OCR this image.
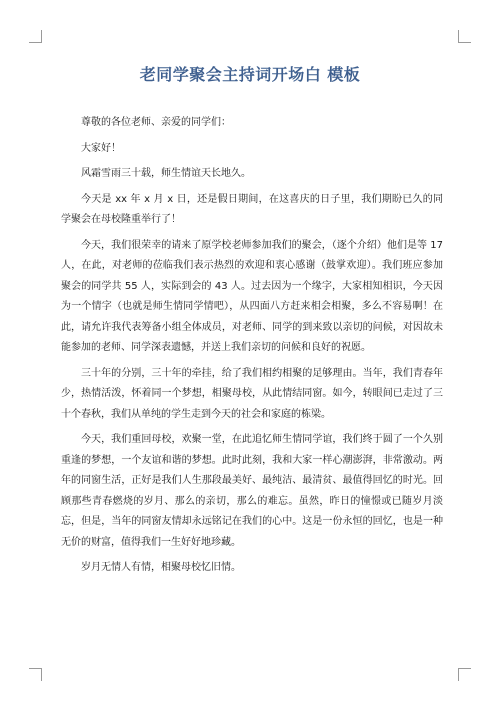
老同学聚会主持词开场白 模板

尊敬的各位老师、亲爱的同学们：

大家好！

风霜雪雨三十载，师生情谊天长地久。

今天是 xx 年 x 月 x 日，还是假日期间，在这喜庆的日子里，我们期盼已久的同学聚会在母校隆重举行了！

今天，我们很荣幸的请来了原学校老师参加我们的聚会，（逐个介绍）他们是等 17 人，在此，对老师的莅临我们表示热烈的欢迎和衷心感谢（鼓掌欢迎）。我们班应参加聚会的同学共 55 人，实际到会的 43 人。过去因为一个缘字，大家相知相识，今天因为一个情字（也就是师生情同学情吧），从四面八方赶来相会相聚，多么不容易啊！在此，请允许我代表筹备小组全体成员，对老师、同学的到来致以亲切的问候，对因故未能参加的老师、同学深表遗憾，并送上我们亲切的问候和良好的祝愿。

三十年的分别，三十年的牵挂，给了我们相约相聚的足够理由。当年，我们青春年少，热情活泼，怀着同一个梦想，相聚母校，从此情结同窗。如今，转眼间已走过了三十个春秋，我们从单纯的学生走到今天的社会和家庭的栋梁。

今天，我们重回母校，欢聚一堂，在此追忆师生情同学谊，我们终于圆了一个久别重逢的梦想，一个友谊和谐的梦想。此时此刻，我和大家一样心潮澎湃，非常激动。两年的同窗生活，正好是我们人生那段最美好、最纯洁、最清贫、最值得回忆的时光。回顾那些青春燃烧的岁月、那么的亲切，那么的难忘。虽然，昨日的憧憬或已随岁月淡忘，但是，当年的同窗友情却永远铭记在我们的心中。这是一份永恒的回忆，也是一种无价的财富，值得我们一生好好地珍藏。

岁月无情人有情，相聚母校忆旧情。
